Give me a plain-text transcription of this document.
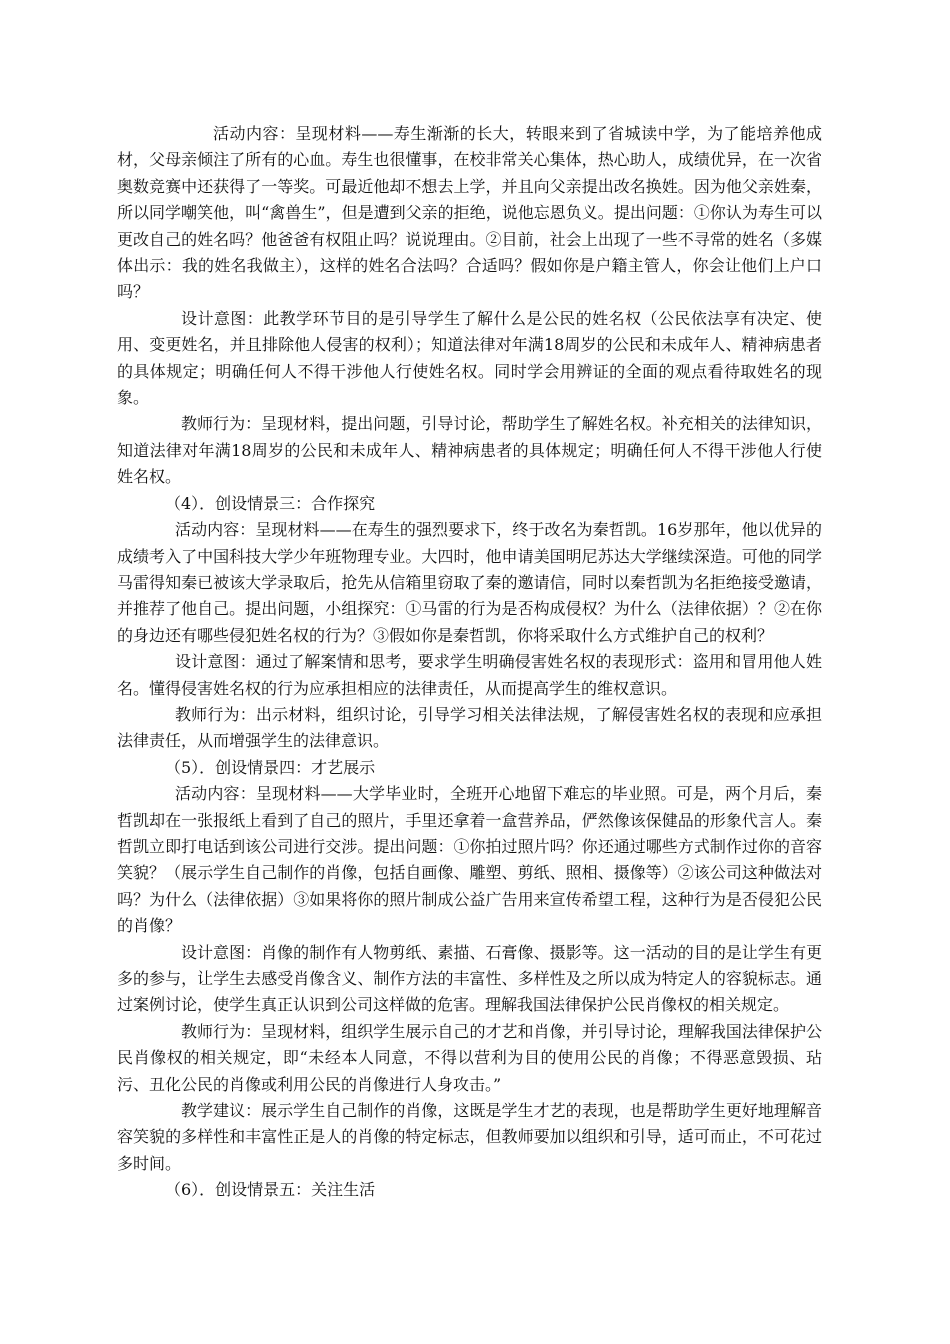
活动内容：呈现材料——寿生渐渐的长大，转眼来到了省城读中学，为了能培养他成材，父母亲倾注了所有的心血。寿生也很懂事，在校非常关心集体，热心助人，成绩优异，在一次省奥数竞赛中还获得了一等奖。可最近他却不想去上学，并且向父亲提出改名换姓。因为他父亲姓秦，所以同学嘲笑他，叫“禽兽生”，但是遭到父亲的拒绝，说他忘恩负义。提出问题：①你认为寿生可以更改自己的姓名吗？他爸爸有权阻止吗？说说理由。②目前，社会上出现了一些不寻常的姓名（多媒体出示：我的姓名我做主），这样的姓名合法吗？合适吗？假如你是户籍主管人，你会让他们上户口吗？

设计意图：此教学环节目的是引导学生了解什么是公民的姓名权（公民依法享有决定、使用、变更姓名，并且排除他人侵害的权利）；知道法律对年满18周岁的公民和未成年人、精神病患者的具体规定；明确任何人不得干涉他人行使姓名权。同时学会用辨证的全面的观点看待取姓名的现象。

教师行为：呈现材料，提出问题，引导讨论，帮助学生了解姓名权。补充相关的法律知识，知道法律对年满18周岁的公民和未成年人、精神病患者的具体规定；明确任何人不得干涉他人行使姓名权。

（4）．创设情景三：合作探究

活动内容：呈现材料——在寿生的强烈要求下，终于改名为秦哲凯。16岁那年，他以优异的成绩考入了中国科技大学少年班物理专业。大四时，他申请美国明尼苏达大学继续深造。可他的同学马雷得知秦已被该大学录取后，抢先从信箱里窃取了秦的邀请信，同时以秦哲凯为名拒绝接受邀请，并推荐了他自己。提出问题，小组探究：①马雷的行为是否构成侵权？为什么（法律依据）？②在你的身边还有哪些侵犯姓名权的行为？③假如你是秦哲凯，你将采取什么方式维护自己的权利？

设计意图：通过了解案情和思考，要求学生明确侵害姓名权的表现形式：盗用和冒用他人姓名。懂得侵害姓名权的行为应承担相应的法律责任，从而提高学生的维权意识。

教师行为：出示材料，组织讨论，引导学习相关法律法规，了解侵害姓名权的表现和应承担法律责任，从而增强学生的法律意识。

（5）．创设情景四：才艺展示

活动内容：呈现材料——大学毕业时，全班开心地留下难忘的毕业照。可是，两个月后，秦哲凯却在一张报纸上看到了自己的照片，手里还拿着一盒营养品，俨然像该保健品的形象代言人。秦哲凯立即打电话到该公司进行交涉。提出问题：①你拍过照片吗？你还通过哪些方式制作过你的音容笑貌？（展示学生自己制作的肖像，包括自画像、雕塑、剪纸、照相、摄像等）②该公司这种做法对吗？为什么（法律依据）③如果将你的照片制成公益广告用来宣传希望工程，这种行为是否侵犯公民的肖像？

设计意图：肖像的制作有人物剪纸、素描、石膏像、摄影等。这一活动的目的是让学生有更多的参与，让学生去感受肖像含义、制作方法的丰富性、多样性及之所以成为特定人的容貌标志。通过案例讨论，使学生真正认识到公司这样做的危害。理解我国法律保护公民肖像权的相关规定。

教师行为：呈现材料，组织学生展示自己的才艺和肖像，并引导讨论，理解我国法律保护公民肖像权的相关规定，即“未经本人同意，不得以营利为目的使用公民的肖像；不得恶意毁损、玷污、丑化公民的肖像或利用公民的肖像进行人身攻击。”

教学建议：展示学生自己制作的肖像，这既是学生才艺的表现，也是帮助学生更好地理解音容笑貌的多样性和丰富性正是人的肖像的特定标志，但教师要加以组织和引导，适可而止，不可花过多时间。

（6）．创设情景五：关注生活
